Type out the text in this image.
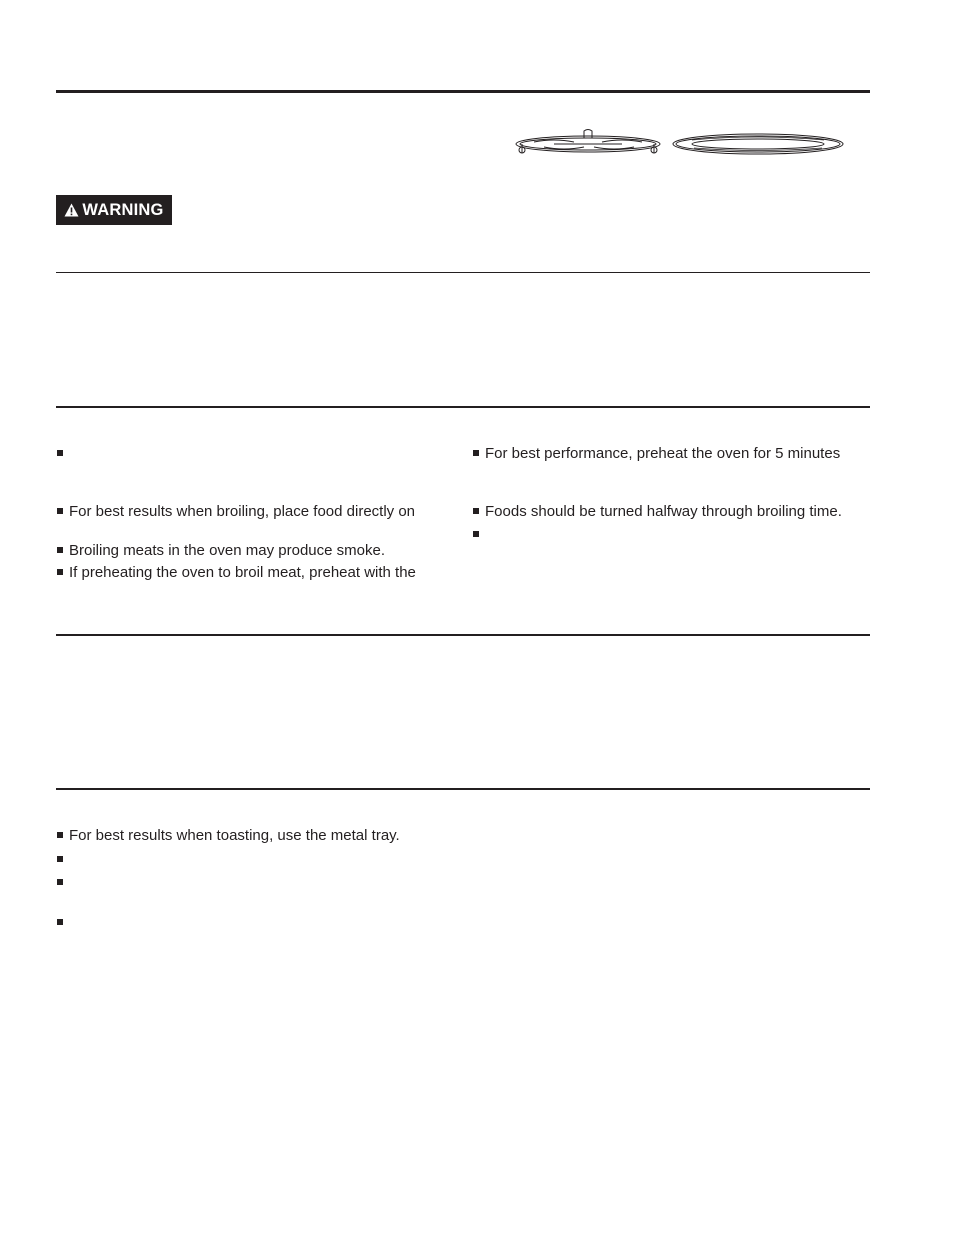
WARNING
For best results when broiling, place food directly on
Broiling meats in the oven may produce smoke.
If preheating the oven to broil meat, preheat with the
For best performance, preheat the oven for 5 minutes
Foods should be turned halfway through broiling time.
For best results when toasting, use the metal tray.
